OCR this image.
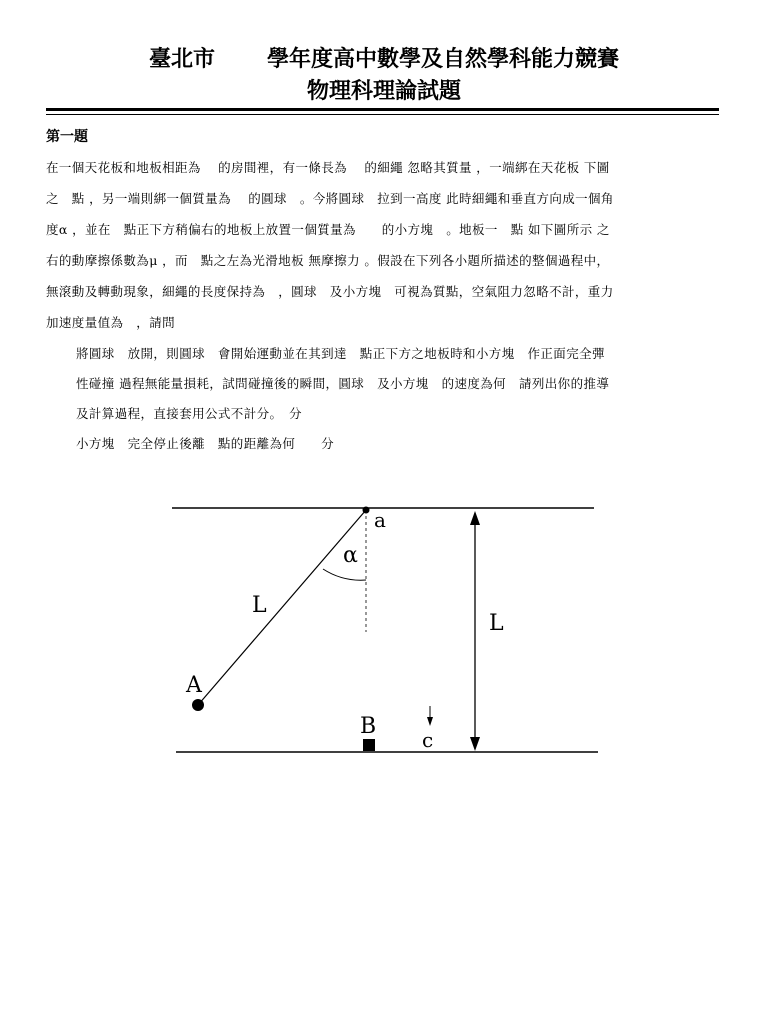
臺北市 學年度高中數學及自然學科能力競賽
物理科理論試題
第一題
在一個天花板和地板相距為　 的房間裡，有一條長為　 的細繩 忽略其質量 ，一端綁在天花板 下圖
之　點 ，另一端則綁一個質量為　 的圓球　。今將圓球　拉到一高度 此時細繩和垂直方向成一個角
度α ，並在　點正下方稍偏右的地板上放置一個質量為　　的小方塊　。地板一　點 如下圖所示 之
右的動摩擦係數為μ ，而　點之左為光滑地板 無摩擦力 。假設在下列各小題所描述的整個過程中，
無滾動及轉動現象，細繩的長度保持為　，圓球　及小方塊　可視為質點，空氣阻力忽略不計，重力
加速度量值為　，請問
將圓球　放開，則圓球　會開始運動並在其到達　點正下方之地板時和小方塊　作正面完全彈
性碰撞 過程無能量損耗，試問碰撞後的瞬間，圓球　及小方塊　的速度為何　請列出你的推導
及計算過程，直接套用公式不計分。　分
小方塊　完全停止後離　點的距離為何　　分
a
α
L
L
A
B
c
